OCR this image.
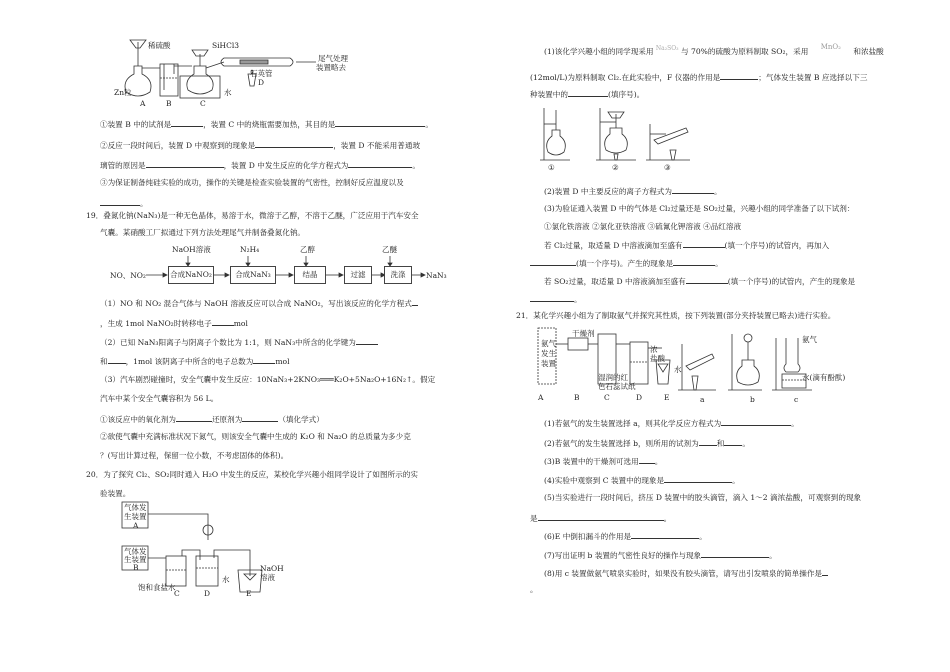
稀硫酸	SiHCl3
尾气处理
装置略去
石英管
D
Zn粒	水
A	B	C
①装置 B 中的试剂是	，装置 C 中的烧瓶需要加热，其目的是	。
②反应一段时间后，装置 D 中观察到的现象是	，装置 D 不能采用普通玻
璃管的原因是	，装置 D 中发生反应的化学方程式为	。
③为保证制备纯硅实验的成功，操作的关键是检查实验装置的气密性，控制好反应温度以及
。
19．叠氮化钠(NaN₃)是一种无色晶体，易溶于水，微溶于乙醇，不溶于乙醚，广泛应用于汽车安全
气囊。某硝酸工厂拟通过下列方法处理尾气并制备叠氮化钠。
NaOH溶液	N₂H₄	乙醇	乙醚
NO、NO₂	合成NaNO₂	合成NaN₃	结晶	过滤	洗涤	NaN₃
（1）NO 和 NO₂ 混合气体与 NaOH 溶液反应可以合成 NaNO₂，写出该反应的化学方程式
，生成 1mol NaNO₂时转移电子	mol
（2）已知 NaN₃阳离子与阴离子个数比为 1:1，则 NaN₃中所含的化学键为
和 ，1mol 该阴离子中所含的电子总数为	mol
（3）汽车剧烈碰撞时，安全气囊中发生反应：10NaN₃+2KNO₃═══K₂O+5Na₂O+16N₂↑。假定
汽车中某个安全气囊容积为 56 L。
①该反应中的氧化剂为	还原剂为	（填化学式）
②欲使气囊中充满标准状况下氮气，则该安全气囊中生成的 K₂O 和 Na₂O 的总质量为多少克
？(写出计算过程，保留一位小数，不考虑固体的体积)。
20．为了探究 Cl₂、SO₂同时通入 H₂O 中发生的反应，某校化学兴趣小组同学设计了如图所示的实
验装置。
气体发
生装置
A
气体发
生装置
B	NaOH
溶液
饱和食盐水
水
C	D	E
(1)该化学兴趣小组的同学现采用 $^{Na_2SO_3}$ 与 70%的硫酸为原料制取 SO₂，采用 MnO₂ 和浓盐酸
(12mol/L)为原料制取 Cl₂.在此实验中，F 仪器的作用是	；气体发生装置 B 应选择以下三
种装置中的	(填序号)。
①	②	③
(2)装置 D 中主要反应的离子方程式为	。
(3)为验证通入装置 D 中的气体是 Cl₂过量还是 SO₂过量，兴趣小组的同学准备了以下试剂：
①氯化铁溶液 ②氯化亚铁溶液 ③硫氰化钾溶液 ④品红溶液
若 Cl₂过量，取适量 D 中溶液滴加至盛有	(填一个序号)的试管内，再加入
(填一个序号)。产生的现象是	。
若 SO₂过量，取适量 D 中溶液滴加至盛有	(填一个序号)的试管内，产生的现象是
。
21．某化学兴趣小组为了制取氨气并探究其性质，按下列装置(部分夹持装置已略去)进行实验。
氨气
发生
装置
干燥剂
湿润的红
色石蕊试纸
浓
盐酸
水
氨气
水(滴有酚酞)
A	B	C	D	E	a	b	c
(1)若氨气的发生装置选择 a，则其化学反应方程式为	。
(2)若氨气的发生装置选择 b，则所用的试剂为 和 。
(3)B 装置中的干燥剂可选用 。
(4)实验中观察到 C 装置中的现象是	。
(5)当实验进行一段时间后，挤压 D 装置中的胶头滴管，滴入 1～2 滴浓盐酸，可观察到的现象
是	。
(6)E 中倒扣漏斗的作用是	。
(7)写出证明 b 装置的气密性良好的操作与现象	。
(8)用 c 装置做氨气喷泉实验时，如果没有胶头滴管，请写出引发喷泉的简单操作是
。
